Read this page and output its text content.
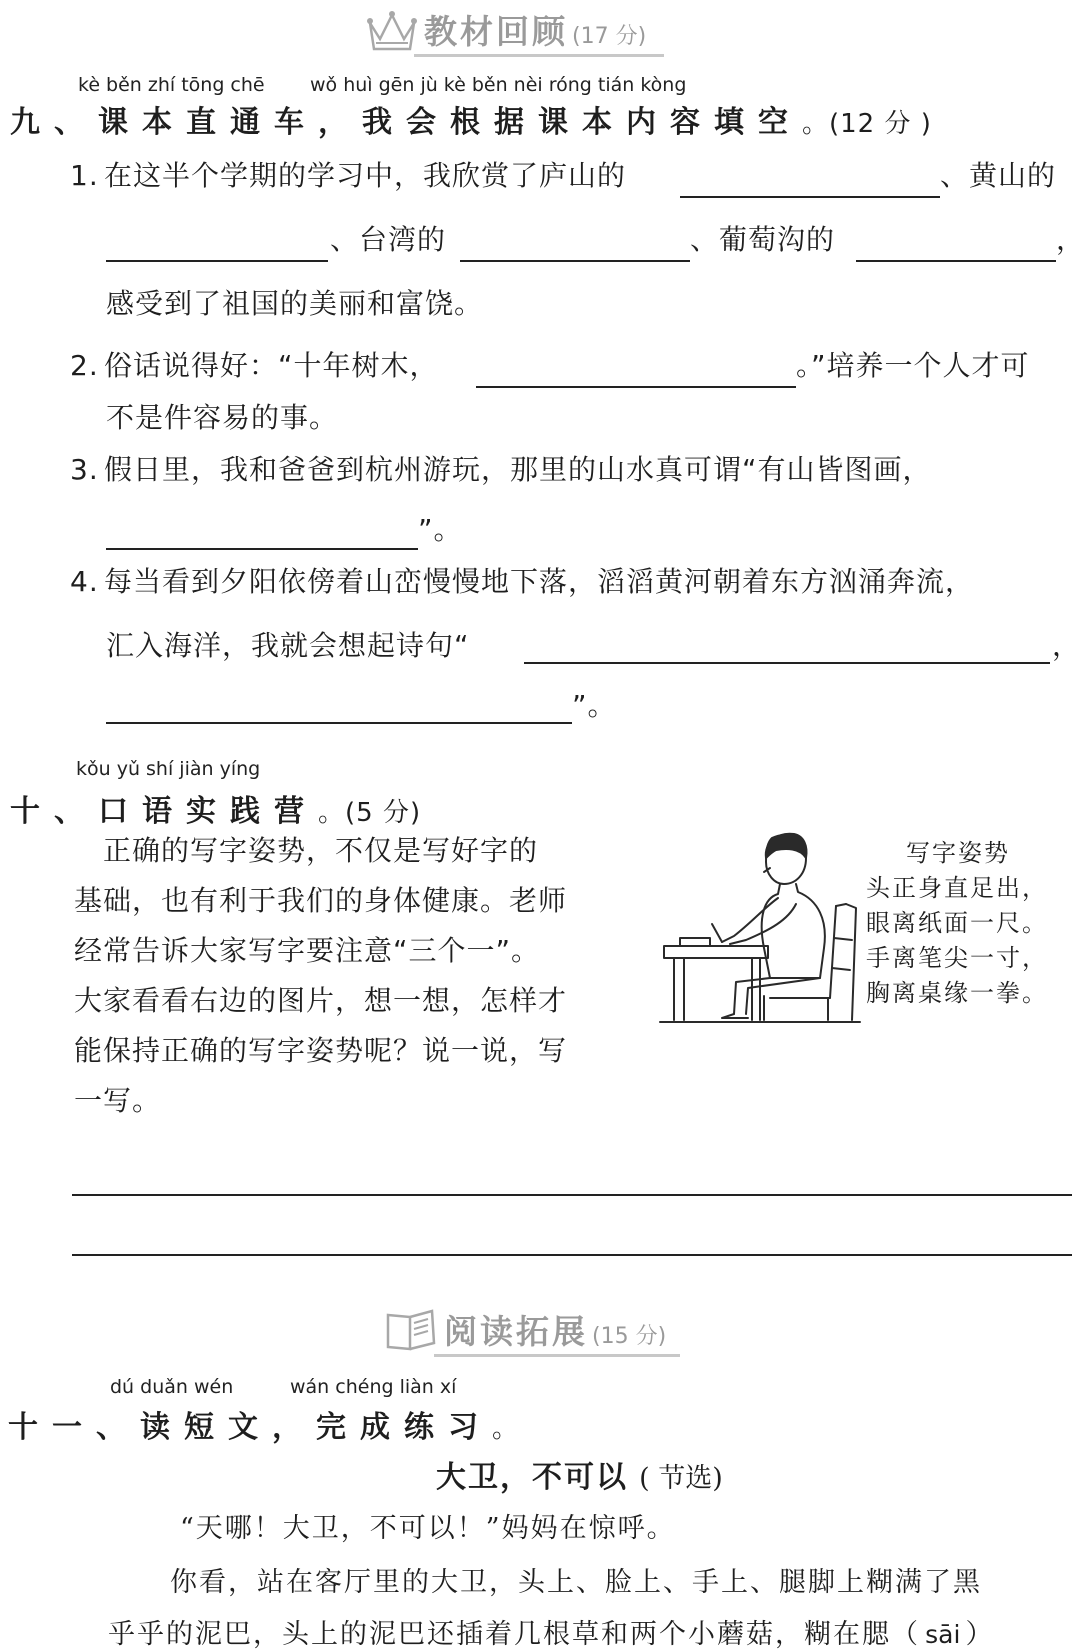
教材回顾 (17 分)
kè běn zhí tōng chē wǒ huì gēn jù kè běn nèi róng tián kòng
九、课本直通车，我会根据课本内容填空。(12 分 )
1. 在这半个学期的学习中，我欣赏了庐山的	、黄山的
、台湾的	、葡萄沟的	，
感受到了祖国的美丽和富饶。
2. 俗话说得好：“十年树木，	。”培养一个人才可
不是件容易的事。
3. 假日里，我和爸爸到杭州游玩，那里的山水真可谓“有山皆图画，
”。
4. 每当看到夕阳依傍着山峦慢慢地下落，滔滔黄河朝着东方汹涌奔流，
汇入海洋，我就会想起诗句“	，
”。
kǒu yǔ shí jiàn yíng
十、口语实践营。(5 分)
　正确的写字姿势，不仅是写好字的
基础，也有利于我们的身体健康。老师
经常告诉大家写字要注意“三个一”。
大家看看右边的图片，想一想，怎样才
能保持正确的写字姿势呢？说一说，写
一写。
写字姿势
头正身直足出，
眼离纸面一尺。
手离笔尖一寸，
胸离桌缘一拳。
阅读拓展 (15 分)
dú duǎn wén	wán chéng liàn xí
十一、读短文，完成练习。
大卫，不可以 ( 节选)
“天哪！大卫，不可以！”妈妈在惊呼。
你看，站在客厅里的大卫，头上、脸上、手上、腿脚上糊满了黑
乎乎的泥巴，头上的泥巴还插着几根草和两个小蘑菇，糊在腮（ sāi ）
